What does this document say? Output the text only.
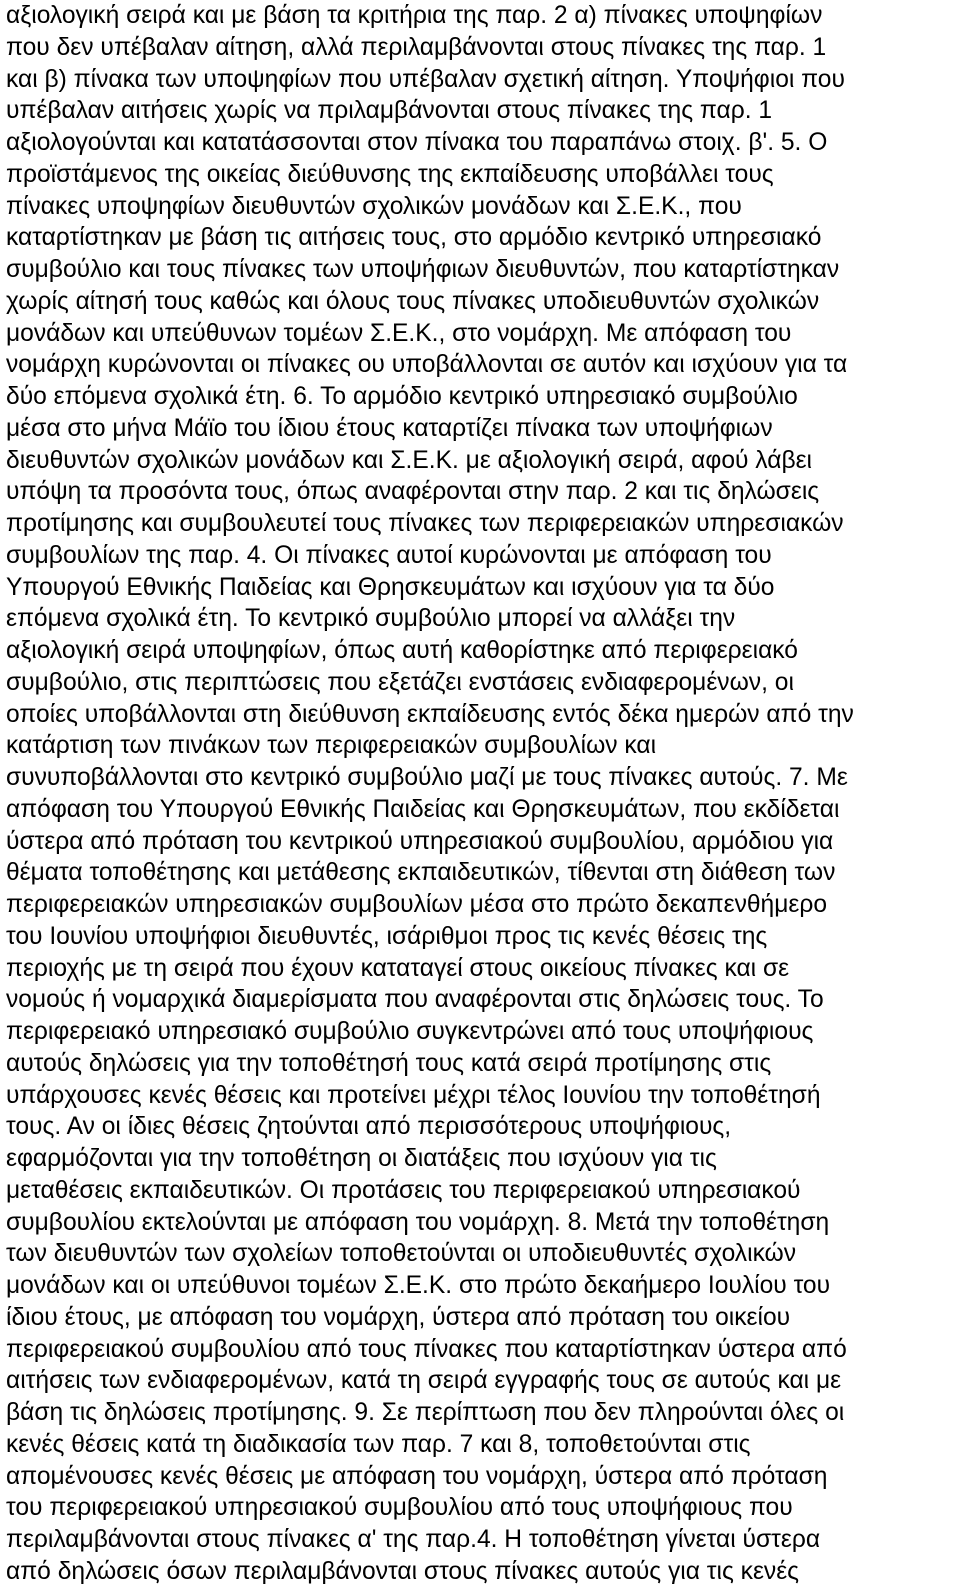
αξιολογική σειρά και με βάση τα κριτήρια της παρ. 2 α) πίνακες υποψηφίων
που δεν υπέβαλαν αίτηση, αλλά περιλαμβάνονται στους πίνακες της παρ. 1
και β) πίνακα των υποψηφίων που υπέβαλαν σχετική αίτηση. Υποψήφιοι που
υπέβαλαν αιτήσεις χωρίς να πριλαμβάνονται στους πίνακες της παρ. 1
αξιολογούνται και κατατάσσονται στον πίνακα του παραπάνω στοιχ. β'. 5. Ο
προϊστάμενος της οικείας διεύθυνσης της εκπαίδευσης υποβάλλει τους
πίνακες υποψηφίων διευθυντών σχολικών μονάδων και Σ.Ε.Κ., που
καταρτίστηκαν με βάση τις αιτήσεις τους, στο αρμόδιο κεντρικό υπηρεσιακό
συμβούλιο και τους πίνακες των υποψήφιων διευθυντών, που καταρτίστηκαν
χωρίς αίτησή τους καθώς και όλους τους πίνακες υποδιευθυντών σχολικών
μονάδων και υπεύθυνων τομέων Σ.Ε.Κ., στο νομάρχη. Με απόφαση του
νομάρχη κυρώνονται οι πίνακες ου υποβάλλονται σε αυτόν και ισχύουν για τα
δύο επόμενα σχολικά έτη. 6. Το αρμόδιο κεντρικό υπηρεσιακό συμβούλιο
μέσα στο μήνα Μάϊο του ίδιου έτους καταρτίζει πίνακα των υποψήφιων
διευθυντών σχολικών μονάδων και Σ.Ε.Κ. με αξιολογική σειρά, αφού λάβει
υπόψη τα προσόντα τους, όπως αναφέρονται στην παρ. 2 και τις δηλώσεις
προτίμησης και συμβουλευτεί τους πίνακες των περιφερειακών υπηρεσιακών
συμβουλίων της παρ. 4. Οι πίνακες αυτοί κυρώνονται με απόφαση του
Υπουργού Εθνικής Παιδείας και Θρησκευμάτων και ισχύουν για τα δύο
επόμενα σχολικά έτη. Το κεντρικό συμβούλιο μπορεί να αλλάξει την
αξιολογική σειρά υποψηφίων, όπως αυτή καθορίστηκε από περιφερειακό
συμβούλιο, στις περιπτώσεις που εξετάζει ενστάσεις ενδιαφερομένων, οι
οποίες υποβάλλονται στη διεύθυνση εκπαίδευσης εντός δέκα ημερών από την
κατάρτιση των πινάκων των περιφερειακών συμβουλίων και
συνυποβάλλονται στο κεντρικό συμβούλιο μαζί με τους πίνακες αυτούς. 7. Με
απόφαση του Υπουργού Εθνικής Παιδείας και Θρησκευμάτων, που εκδίδεται
ύστερα από πρόταση του κεντρικού υπηρεσιακού συμβουλίου, αρμόδιου για
θέματα τοποθέτησης και μετάθεσης εκπαιδευτικών, τίθενται στη διάθεση των
περιφερειακών υπηρεσιακών συμβουλίων μέσα στο πρώτο δεκαπενθήμερο
του Ιουνίου υποψήφιοι διευθυντές, ισάριθμοι προς τις κενές θέσεις της
περιοχής με τη σειρά που έχουν καταταγεί στους οικείους πίνακες και σε
νομούς ή νομαρχικά διαμερίσματα που αναφέρονται στις δηλώσεις τους. Το
περιφερειακό υπηρεσιακό συμβούλιο συγκεντρώνει από τους υποψήφιους
αυτούς δηλώσεις για την τοποθέτησή τους κατά σειρά προτίμησης στις
υπάρχουσες κενές θέσεις και προτείνει μέχρι τέλος Ιουνίου την τοποθέτησή
τους. Αν οι ίδιες θέσεις ζητούνται από περισσότερους υποψήφιους,
εφαρμόζονται για την τοποθέτηση οι διατάξεις που ισχύουν για τις
μεταθέσεις εκπαιδευτικών. Οι προτάσεις του περιφερειακού υπηρεσιακού
συμβουλίου εκτελούνται με απόφαση του νομάρχη. 8. Μετά την τοποθέτηση
των διευθυντών των σχολείων τοποθετούνται οι υποδιευθυντές σχολικών
μονάδων και οι υπεύθυνοι τομέων Σ.Ε.Κ. στο πρώτο δεκαήμερο Ιουλίου του
ίδιου έτους, με απόφαση του νομάρχη, ύστερα από πρόταση του οικείου
περιφερειακού συμβουλίου από τους πίνακες που καταρτίστηκαν ύστερα από
αιτήσεις των ενδιαφερομένων, κατά τη σειρά εγγραφής τους σε αυτούς και με
βάση τις δηλώσεις προτίμησης. 9. Σε περίπτωση που δεν πληρούνται όλες οι
κενές θέσεις κατά τη διαδικασία των παρ. 7 και 8, τοποθετούνται στις
απομένουσες κενές θέσεις με απόφαση του νομάρχη, ύστερα από πρόταση
του περιφερειακού υπηρεσιακού συμβουλίου από τους υποψήφιους που
περιλαμβάνονται στους πίνακες α' της παρ.4. Η τοποθέτηση γίνεται ύστερα
από δηλώσεις όσων περιλαμβάνονται στους πίνακες αυτούς για τις κενές
